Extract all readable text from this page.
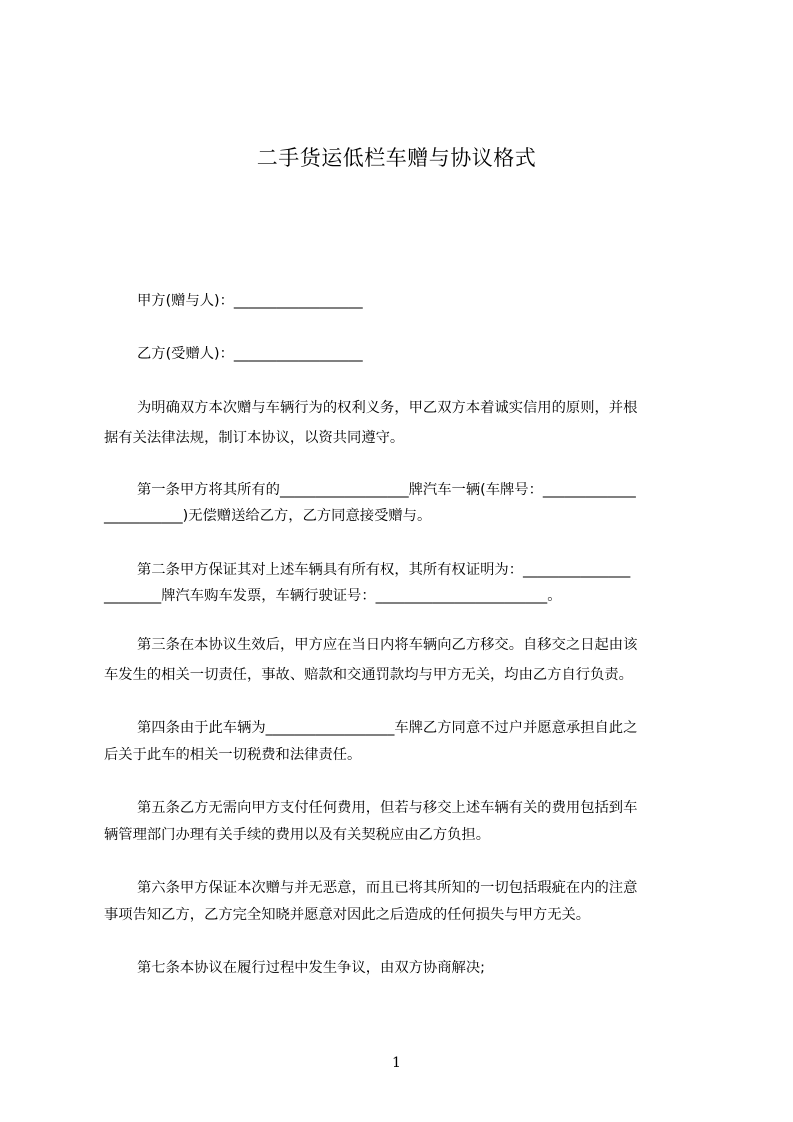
二手货运低栏车赠与协议格式
甲方(赠与人)：__________________
乙方(受赠人)：__________________
为明确双方本次赠与车辆行为的权利义务，甲乙双方本着诚实信用的原则，并根
据有关法律法规，制订本协议，以资共同遵守。
第一条甲方将其所有的__________________牌汽车一辆(车牌号：_____________
___________)无偿赠送给乙方，乙方同意接受赠与。
第二条甲方保证其对上述车辆具有所有权，其所有权证明为：_______________
________牌汽车购车发票，车辆行驶证号：________________________。
第三条在本协议生效后，甲方应在当日内将车辆向乙方移交。自移交之日起由该
车发生的相关一切责任，事故、赔款和交通罚款均与甲方无关，均由乙方自行负责。
第四条由于此车辆为__________________车牌乙方同意不过户并愿意承担自此之
后关于此车的相关一切税费和法律责任。
第五条乙方无需向甲方支付任何费用，但若与移交上述车辆有关的费用包括到车
辆管理部门办理有关手续的费用以及有关契税应由乙方负担。
第六条甲方保证本次赠与并无恶意，而且已将其所知的一切包括瑕疵在内的注意
事项告知乙方，乙方完全知晓并愿意对因此之后造成的任何损失与甲方无关。
第七条本协议在履行过程中发生争议，由双方协商解决;
1
